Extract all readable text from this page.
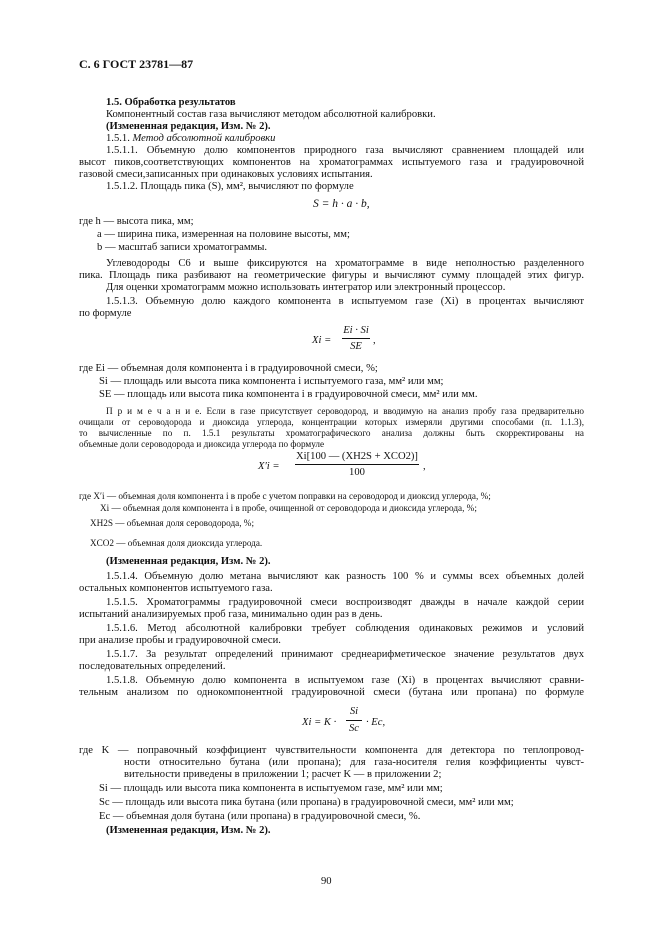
С. 6 ГОСТ 23781—87
1.5. Обработка результатов
Компонентный состав газа вычисляют методом абсолютной калибровки.
(Измененная редакция, Изм. № 2).
1.5.1. Метод абсолютной калибровки
1.5.1.1. Объемную долю компонентов природного газа вычисляют сравнением площадей или
высот пиков,соответствующих компонентов на хроматограммах испытуемого газа и градуировочной
газовой смеси,записанных при одинаковых условиях испытания.
1.5.1.2. Площадь пика (S), мм², вычисляют по формуле
S = h · a · b,
где h — высота пика, мм;
a — ширина пика, измеренная на половине высоты, мм;
b — масштаб записи хроматограммы.
Углеводороды С6 и выше фиксируются на хроматограмме в виде неполностью разделенного
пика. Площадь пика разбивают на геометрические фигуры и вычисляют сумму площадей этих фигур.
Для оценки хроматограмм можно использовать интегратор или электронный процессор.
1.5.1.3. Объемную долю каждого компонента в испытуемом газе (Xi) в процентах вычисляют
по формуле
Xi =
Ei · Si
SE
,
где Ei — объемная доля компонента i в градуировочной смеси, %;
Si — площадь или высота пика компонента i испытуемого газа, мм² или мм;
SE — площадь или высота пика компонента i в градуировочной смеси, мм² или мм.
П р и м е ч а н и е. Если в газе присутствует сероводород, и вводимую на анализ пробу газа предварительно
очищали от сероводорода и диоксида углерода, концентрации которых измеряли другими способами (п. 1.1.3),
то вычисленные по п. 1.5.1 результаты хроматографического анализа должны быть скорректированы на
объемные доли сероводорода и диоксида углерода по формуле
X′i =
Xi[100 — (XH2S + XCO2)]
100
,
где X′i — объемная доля компонента i в пробе с учетом поправки на сероводород и диоксид углерода, %;
Xi — объемная доля компонента i в пробе, очищенной от сероводорода и диоксида углерода, %;
XH2S — объемная доля сероводорода, %;
XCO2 — объемная доля диоксида углерода.
(Измененная редакция, Изм. № 2).
1.5.1.4. Объемную долю метана вычисляют как разность 100 % и суммы всех объемных долей
остальных компонентов испытуемого газа.
1.5.1.5. Хроматограммы градуировочной смеси воспроизводят дважды в начале каждой серии
испытаний анализируемых проб газа, минимально один раз в день.
1.5.1.6. Метод абсолютной калибровки требует соблюдения одинаковых режимов и условий
при анализе пробы и градуировочной смеси.
1.5.1.7. За результат определений принимают среднеарифметическое значение результатов двух
последовательных определений.
1.5.1.8. Объемную долю компонента в испытуемом газе (Xi) в процентах вычисляют сравни-
тельным анализом по однокомпонентной градуировочной смеси (бутана или пропана) по формуле
Xi = K ·
Si
Sc
· Ec,
где K — поправочный коэффициент чувствительности компонента для детектора по теплопровод-
ности относительно бутана (или пропана); для газа-носителя гелия коэффициенты чувст-
вительности приведены в приложении 1; расчет K — в приложении 2;
Si — площадь или высота пика компонента в испытуемом газе, мм² или мм;
Sc — площадь или высота пика бутана (или пропана) в градуировочной смеси, мм² или мм;
Ec — объемная доля бутана (или пропана) в градуировочной смеси, %.
(Измененная редакция, Изм. № 2).
90
